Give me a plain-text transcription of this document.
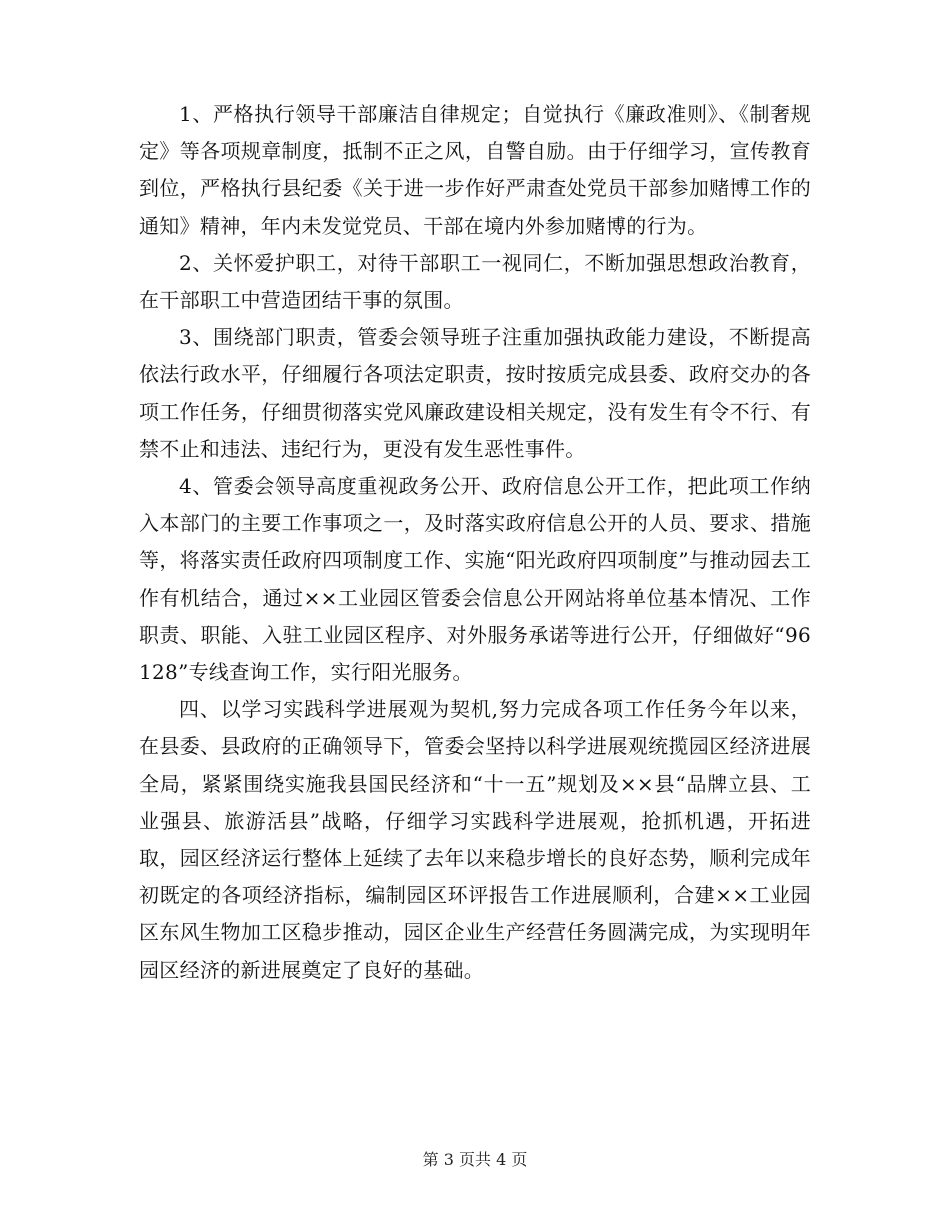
1、严格执行领导干部廉洁自律规定；自觉执行《廉政准则》、《制奢规定》等各项规章制度，抵制不正之风，自警自励。由于仔细学习，宣传教育到位，严格执行县纪委《关于进一步作好严肃查处党员干部参加赌博工作的通知》精神，年内未发觉党员、干部在境内外参加赌博的行为。

2、关怀爱护职工，对待干部职工一视同仁，不断加强思想政治教育，在干部职工中营造团结干事的氛围。

3、围绕部门职责，管委会领导班子注重加强执政能力建设，不断提高依法行政水平，仔细履行各项法定职责，按时按质完成县委、政府交办的各项工作任务，仔细贯彻落实党风廉政建设相关规定，没有发生有令不行、有禁不止和违法、违纪行为，更没有发生恶性事件。

4、管委会领导高度重视政务公开、政府信息公开工作，把此项工作纳入本部门的主要工作事项之一，及时落实政府信息公开的人员、要求、措施等，将落实责任政府四项制度工作、实施“阳光政府四项制度”与推动园去工作有机结合，通过××工业园区管委会信息公开网站将单位基本情况、工作职责、职能、入驻工业园区程序、对外服务承诺等进行公开，仔细做好“96128”专线查询工作，实行阳光服务。

四、以学习实践科学进展观为契机,努力完成各项工作任务今年以来，在县委、县政府的正确领导下，管委会坚持以科学进展观统揽园区经济进展全局，紧紧围绕实施我县国民经济和“十一五”规划及××县“品牌立县、工业强县、旅游活县”战略，仔细学习实践科学进展观，抢抓机遇，开拓进取，园区经济运行整体上延续了去年以来稳步增长的良好态势，顺利完成年初既定的各项经济指标，编制园区环评报告工作进展顺利，合建××工业园区东风生物加工区稳步推动，园区企业生产经营任务圆满完成，为实现明年园区经济的新进展奠定了良好的基础。

第 3 页共 4 页
